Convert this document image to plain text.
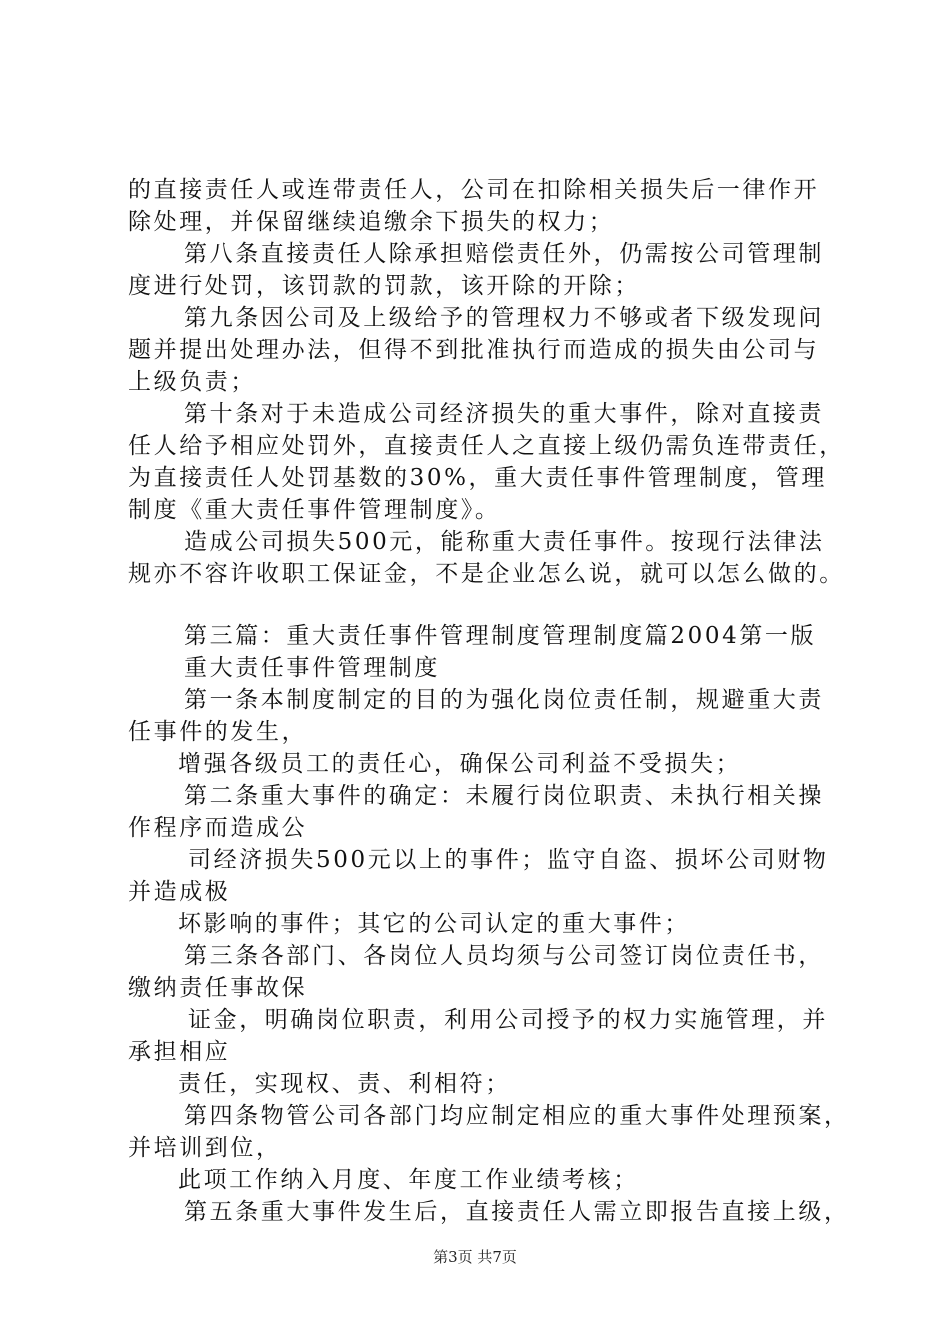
的直接责任人或连带责任人，公司在扣除相关损失后一律作开
除处理，并保留继续追缴余下损失的权力；
第八条直接责任人除承担赔偿责任外，仍需按公司管理制
度进行处罚，该罚款的罚款，该开除的开除；
第九条因公司及上级给予的管理权力不够或者下级发现问
题并提出处理办法，但得不到批准执行而造成的损失由公司与
上级负责；
第十条对于未造成公司经济损失的重大事件，除对直接责
任人给予相应处罚外，直接责任人之直接上级仍需负连带责任，
为直接责任人处罚基数的30%，重大责任事件管理制度，管理
制度《重大责任事件管理制度》。
造成公司损失500元，能称重大责任事件。按现行法律法
规亦不容许收职工保证金，不是企业怎么说，就可以怎么做的。
第三篇：重大责任事件管理制度管理制度篇2004第一版
重大责任事件管理制度
第一条本制度制定的目的为强化岗位责任制，规避重大责
任事件的发生，
增强各级员工的责任心，确保公司利益不受损失；
第二条重大事件的确定：未履行岗位职责、未执行相关操
作程序而造成公
司经济损失500元以上的事件；监守自盗、损坏公司财物
并造成极
坏影响的事件；其它的公司认定的重大事件；
第三条各部门、各岗位人员均须与公司签订岗位责任书，
缴纳责任事故保
证金，明确岗位职责，利用公司授予的权力实施管理，并
承担相应
责任，实现权、责、利相符；
第四条物管公司各部门均应制定相应的重大事件处理预案，
并培训到位，
此项工作纳入月度、年度工作业绩考核；
第五条重大事件发生后，直接责任人需立即报告直接上级，
第3页 共7页
